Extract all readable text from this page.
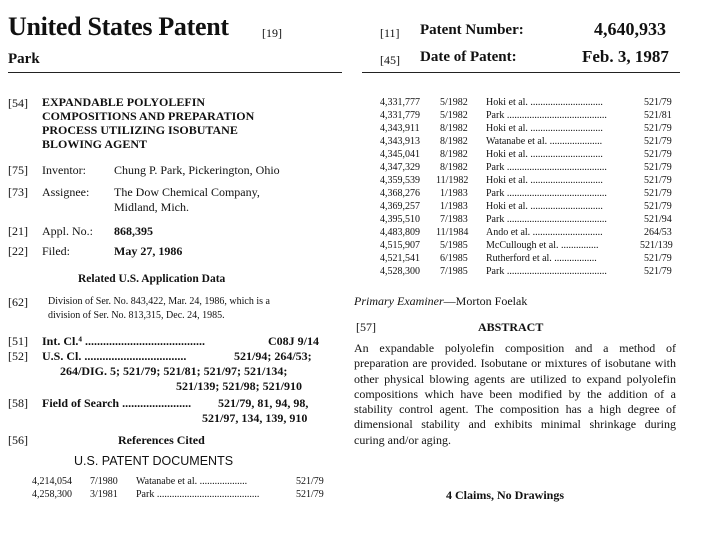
United States Patent	[19]
Park
[11] Patent Number:	4,640,933
[45] Date of Patent:	Feb. 3, 1987
[54] EXPANDABLE POLYOLEFIN
COMPOSITIONS AND PREPARATION
PROCESS UTILIZING ISOBUTANE
BLOWING AGENT
[75] Inventor: Chung P. Park, Pickerington, Ohio
[73] Assignee: The Dow Chemical Company,
Midland, Mich.
[21] Appl. No.: 868,395
[22] Filed:	May 27, 1986
Related U.S. Application Data
[62] Division of Ser. No. 843,422, Mar. 24, 1986, which is a
division of Ser. No. 813,315, Dec. 24, 1985.
[51] Int. Cl.⁴ ........................................	C08J 9/14
[52] U.S. Cl. ..................................	521/94; 264/53;
264/DIG. 5; 521/79; 521/81; 521/97; 521/134;
521/139; 521/98; 521/910
[58] Field of Search ....................... 521/79, 81, 94, 98,
521/97, 134, 139, 910
[56]	References Cited
U.S. PATENT DOCUMENTS
4,214,054 7/1980 Watanabe et al. ...................	521/79
4,258,300 3/1981 Park .........................................	521/79
4,331,777 5/1982 Hoki et al. .............................	521/79
4,331,779 5/1982 Park ........................................	521/81
4,343,911 8/1982 Hoki et al. .............................	521/79
4,343,913 8/1982 Watanabe et al. .....................	521/79
4,345,041 8/1982 Hoki et al. .............................	521/79
4,347,329 8/1982 Park ........................................	521/79
4,359,539 11/1982 Hoki et al. .............................	521/79
4,368,276 1/1983 Park ........................................	521/79
4,369,257 1/1983 Hoki et al. .............................	521/79
4,395,510 7/1983 Park ........................................	521/94
4,483,809 11/1984 Ando et al. ............................	264/53
4,515,907 5/1985 McCullough et al. ...............	521/139
4,521,541 6/1985 Rutherford et al. .................	521/79
4,528,300 7/1985 Park ........................................	521/79
Primary Examiner—Morton Foelak
[57]	ABSTRACT
An expandable polyolefin composition and a method of preparation are provided. Isobutane or mixtures of isobutane with other physical blowing agents are utilized to expand polyolefin compositions which have been modified by the addition of a stability control agent. The composition has a high degree of dimensional stability and exhibits minimal shrinkage during curing and/or aging.
4 Claims, No Drawings
